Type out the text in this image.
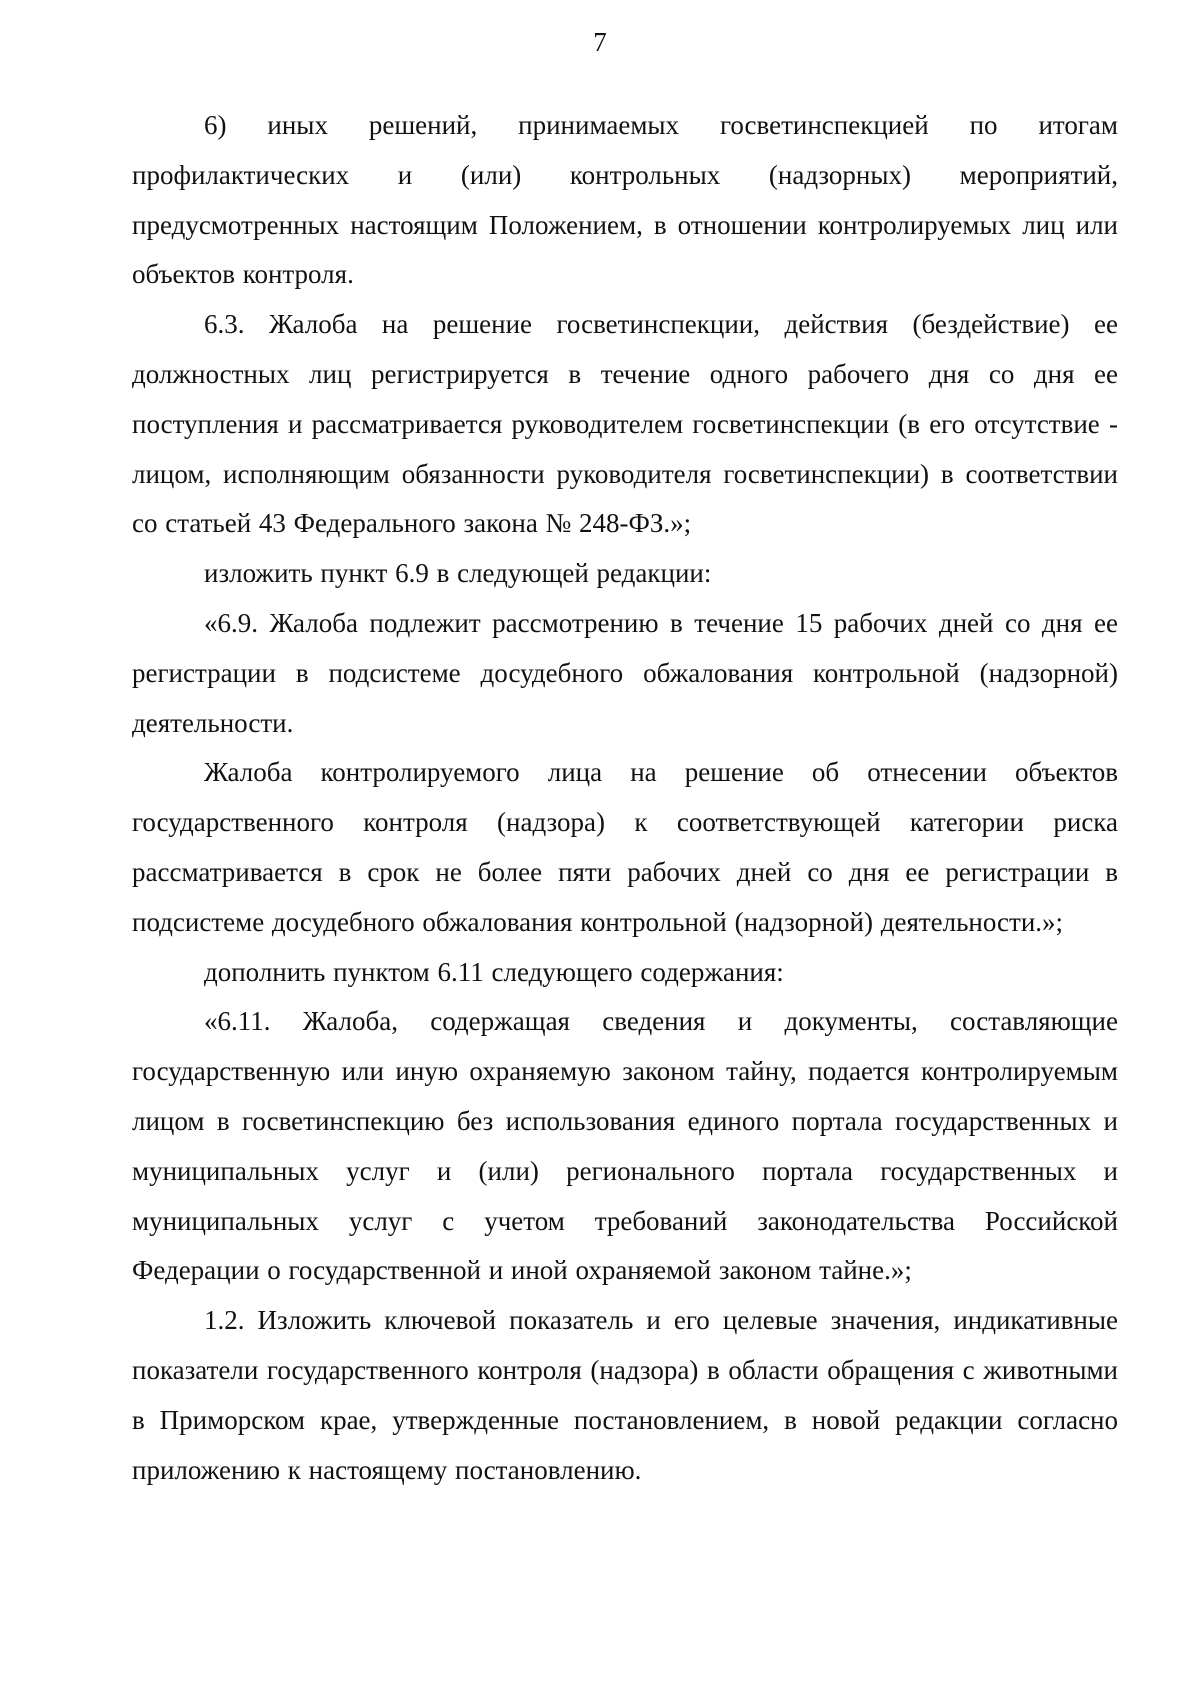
7

6) иных решений, принимаемых госветинспекцией по итогам профилактических и (или) контрольных (надзорных) мероприятий, предусмотренных настоящим Положением, в отношении контролируемых лиц или объектов контроля.

6.3. Жалоба на решение госветинспекции, действия (бездействие) ее должностных лиц регистрируется в течение одного рабочего дня со дня ее поступления и рассматривается руководителем госветинспекции (в его отсутствие - лицом, исполняющим обязанности руководителя госветинспекции) в соответствии со статьей 43 Федерального закона № 248-ФЗ.»;

изложить пункт 6.9 в следующей редакции:

«6.9. Жалоба подлежит рассмотрению в течение 15 рабочих дней со дня ее регистрации в подсистеме досудебного обжалования контрольной (надзорной) деятельности.

Жалоба контролируемого лица на решение об отнесении объектов государственного контроля (надзора) к соответствующей категории риска рассматривается в срок не более пяти рабочих дней со дня ее регистрации в подсистеме досудебного обжалования контрольной (надзорной) деятельности.»;

дополнить пунктом 6.11 следующего содержания:

«6.11. Жалоба, содержащая сведения и документы, составляющие государственную или иную охраняемую законом тайну, подается контролируемым лицом в госветинспекцию без использования единого портала государственных и муниципальных услуг и (или) регионального портала государственных и муниципальных услуг с учетом требований законодательства Российской Федерации о государственной и иной охраняемой законом тайне.»;

1.2. Изложить ключевой показатель и его целевые значения, индикативные показатели государственного контроля (надзора) в области обращения с животными в Приморском крае, утвержденные постановлением, в новой редакции согласно приложению к настоящему постановлению.
